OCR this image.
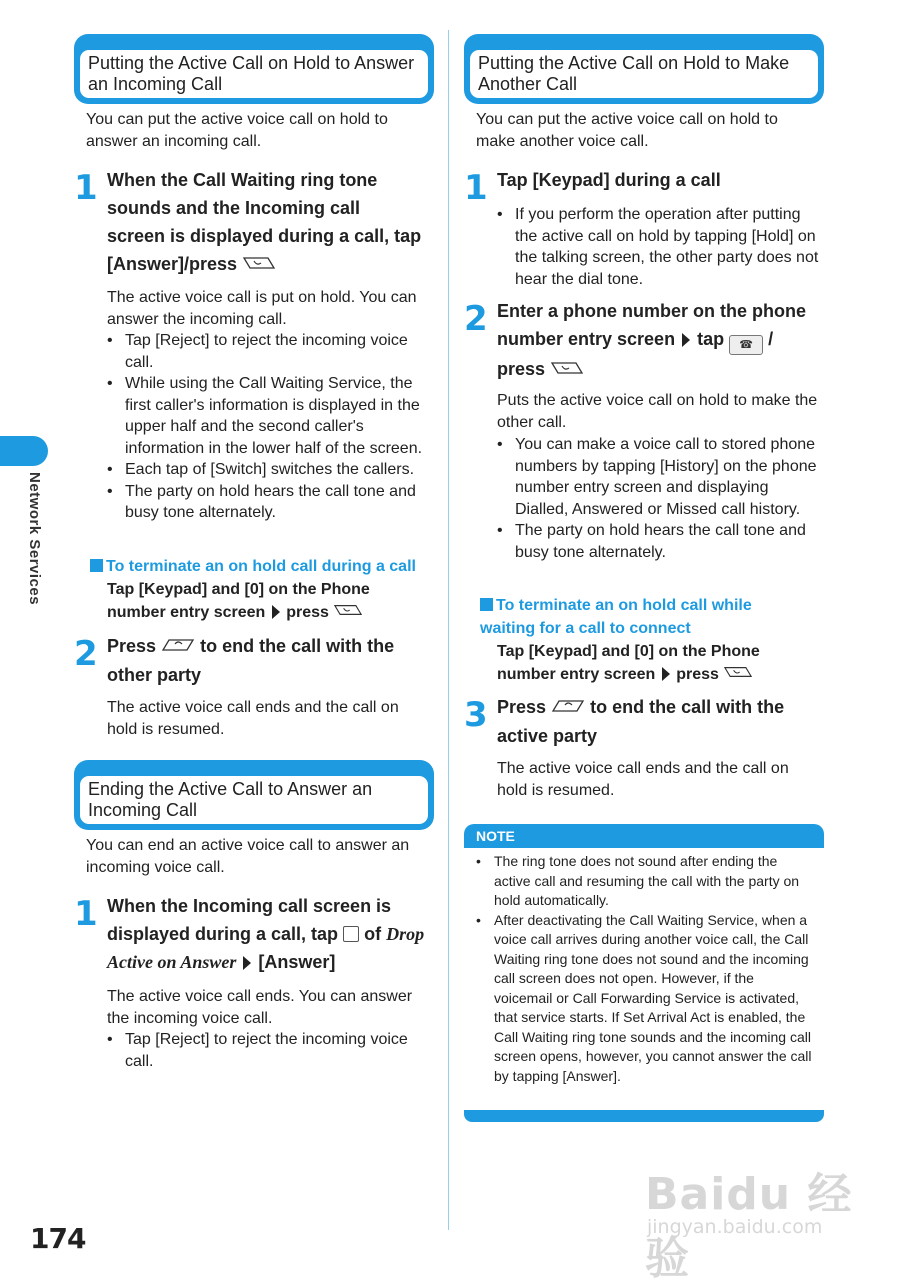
Network Services
Putting the Active Call on Hold to Answer an Incoming Call
You can put the active voice call on hold to answer an incoming call.
1 When the Call Waiting ring tone sounds and the Incoming call screen is displayed during a call, tap [Answer]/press
The active voice call is put on hold. You can answer the incoming call.
• Tap [Reject] to reject the incoming voice call.
• While using the Call Waiting Service, the first caller's information is displayed in the upper half and the second caller's information in the lower half of the screen.
• Each tap of [Switch] switches the callers.
• The party on hold hears the call tone and busy tone alternately.
To terminate an on hold call during a call
Tap [Keypad] and [0] on the Phone number entry screen press
2 Press to end the call with the other party
The active voice call ends and the call on hold is resumed.
Ending the Active Call to Answer an Incoming Call
You can end an active voice call to answer an incoming voice call.
1 When the Incoming call screen is displayed during a call, tap of Drop Active on Answer [Answer]
The active voice call ends. You can answer the incoming voice call.
• Tap [Reject] to reject the incoming voice call.
Putting the Active Call on Hold to Make Another Call
You can put the active voice call on hold to make another voice call.
1 Tap [Keypad] during a call
• If you perform the operation after putting the active call on hold by tapping [Hold] on the talking screen, the other party does not hear the dial tone.
2 Enter a phone number on the phone number entry screen tap ☎ / press
Puts the active voice call on hold to make the other call.
• You can make a voice call to stored phone numbers by tapping [History] on the phone number entry screen and displaying Dialled, Answered or Missed call history.
• The party on hold hears the call tone and busy tone alternately.
To terminate an on hold call while waiting for a call to connect
Tap [Keypad] and [0] on the Phone number entry screen press
3 Press to end the call with the active party
The active voice call ends and the call on hold is resumed.
NOTE
• The ring tone does not sound after ending the active call and resuming the call with the party on hold automatically.
• After deactivating the Call Waiting Service, when a voice call arrives during another voice call, the Call Waiting ring tone does not sound and the incoming call screen does not open. However, if the voicemail or Call Forwarding Service is activated, that service starts. If Set Arrival Act is enabled, the Call Waiting ring tone sounds and the incoming call screen opens, however, you cannot answer the call by tapping [Answer].
174
Baidu 经验
jingyan.baidu.com
